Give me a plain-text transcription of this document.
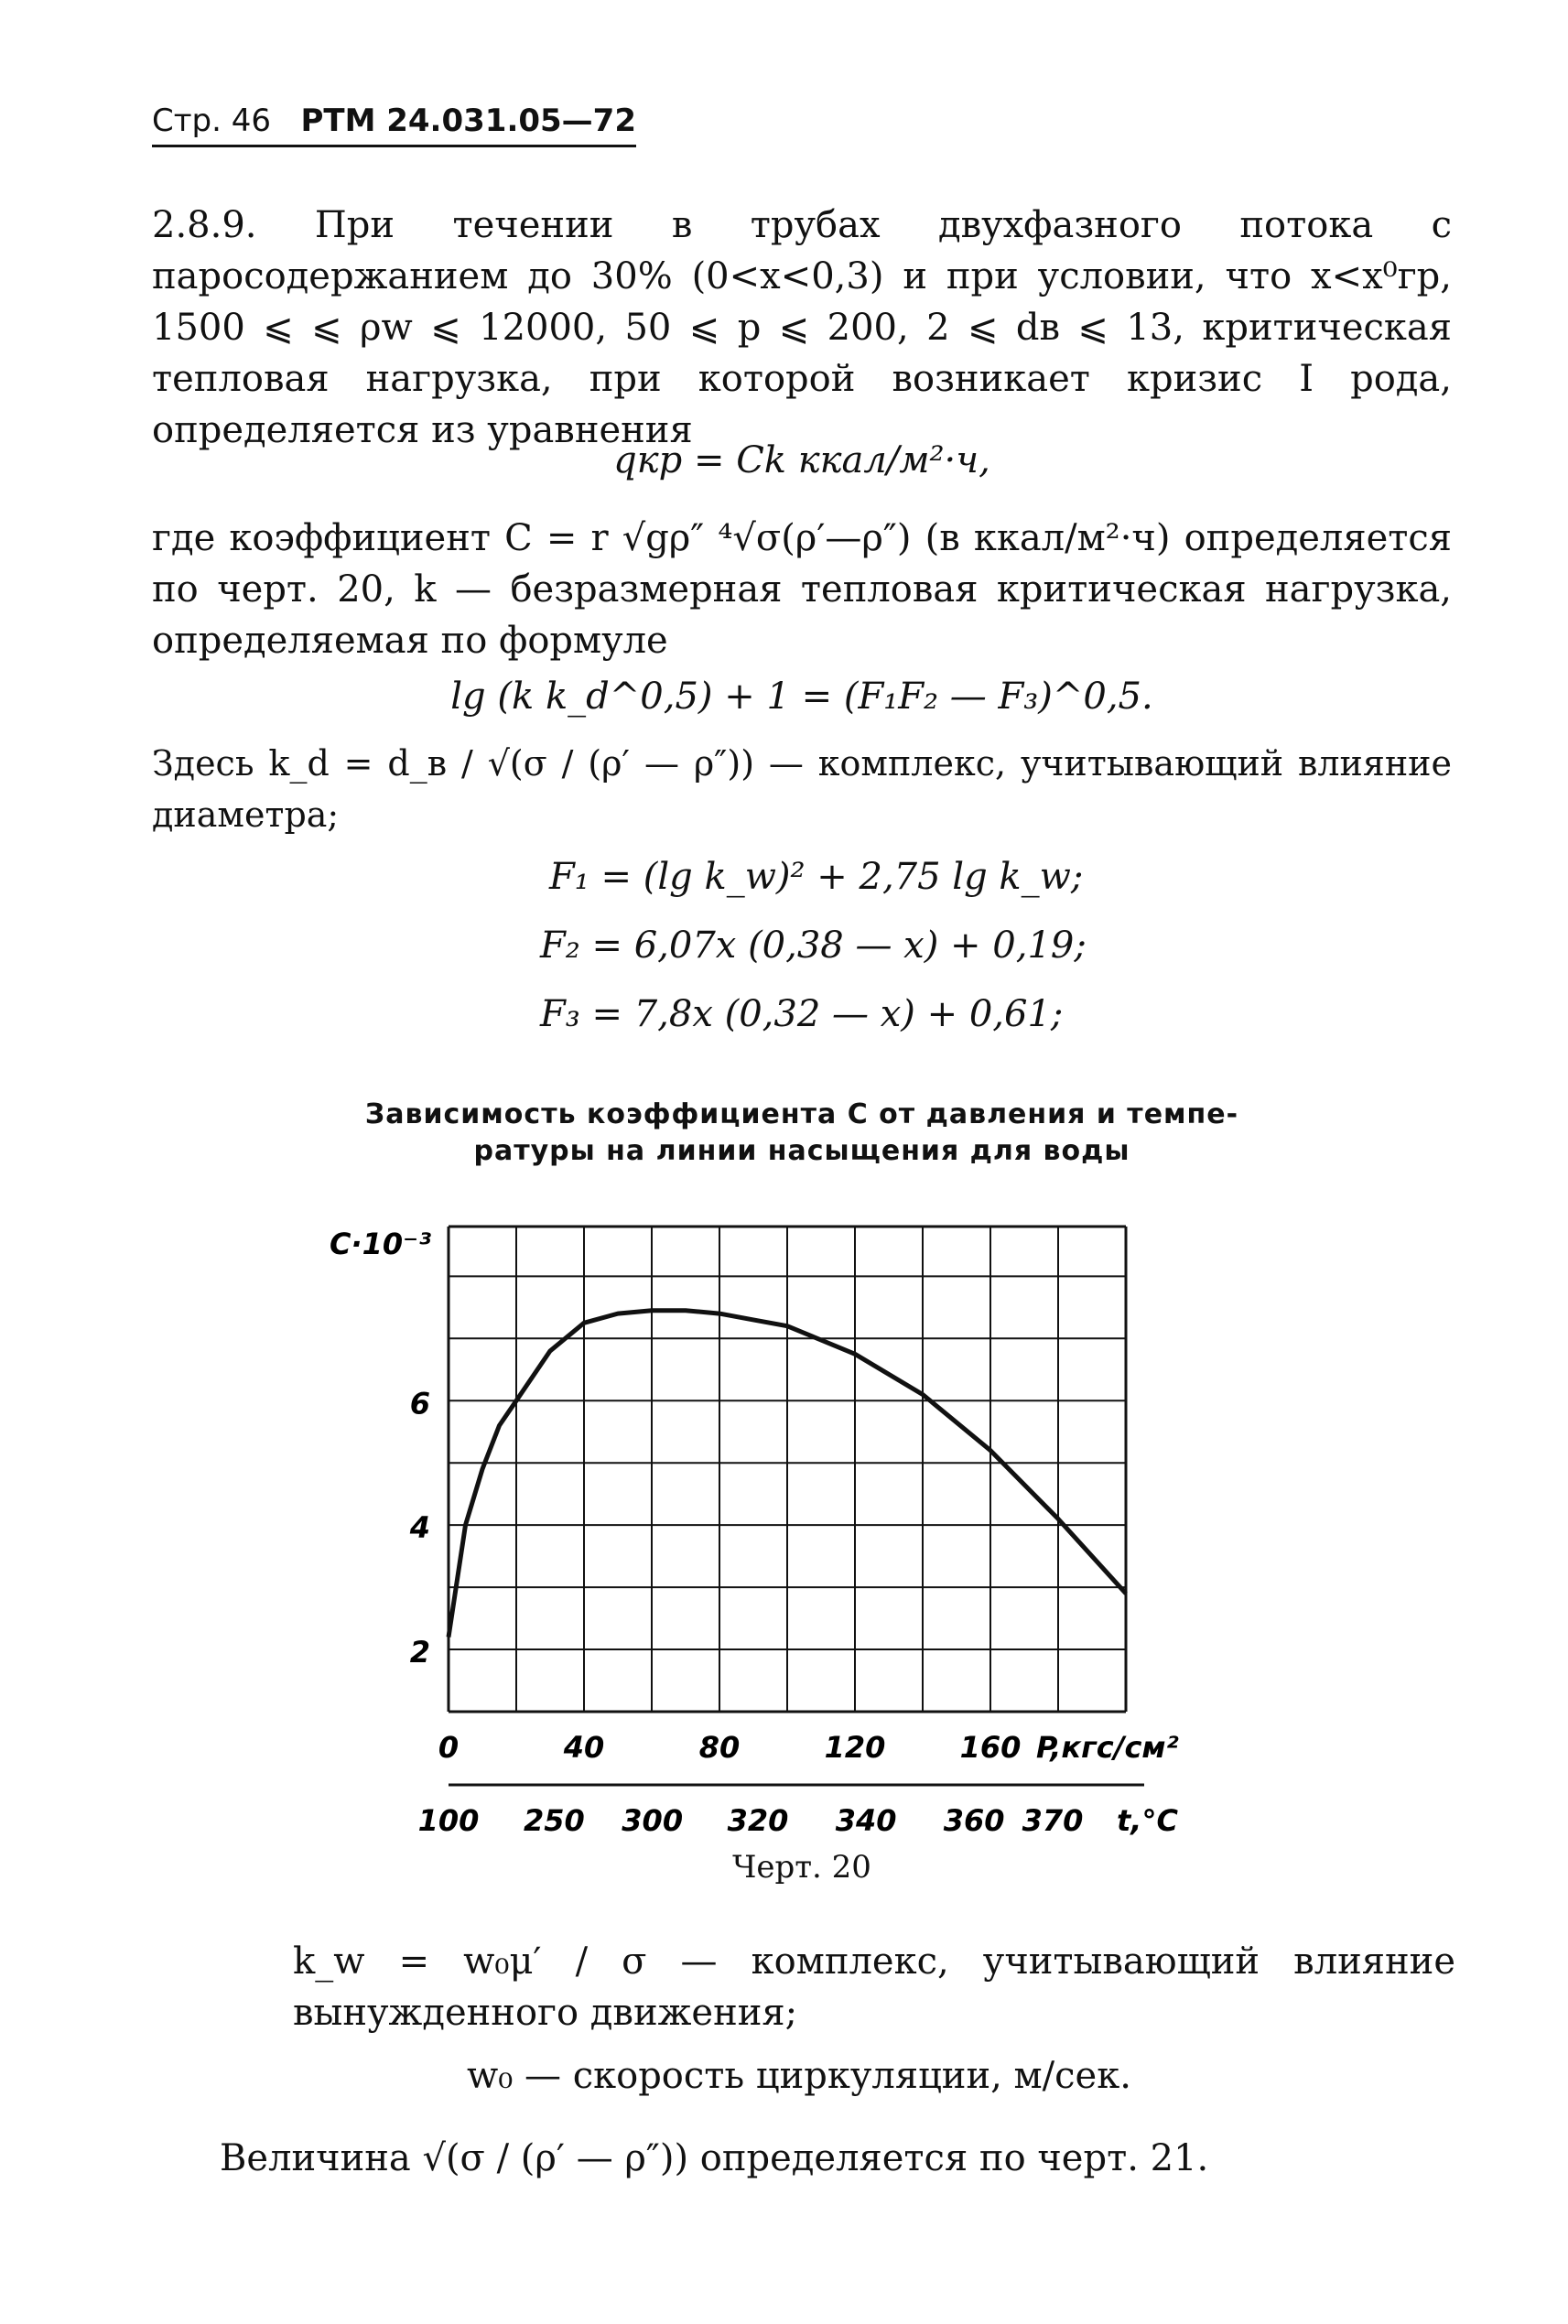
Стр. 46 РТМ 24.031.05—72
2.8.9. При течении в трубах двухфазного потока с паросодержанием до 30% (0<x<0,3) и при условии, что x<x⁰гр, 1500 ⩽ ⩽ ρw ⩽ 12000, 50 ⩽ p ⩽ 200, 2 ⩽ dв ⩽ 13, критическая тепловая нагрузка, при которой возникает кризис I рода, определяется из уравнения
qкр = Ck ккал/м²·ч,
где коэффициент C = r √gρ″ ⁴√σ(ρ′—ρ″) (в ккал/м²·ч) определяется по черт. 20, k — безразмерная тепловая критическая нагрузка, определяемая по формуле
lg (k k_d^0,5) + 1 = (F₁F₂ — F₃)^0,5.
Здесь k_d = d_в / √(σ / (ρ′ — ρ″)) — комплекс, учитывающий влияние диаметра;
F₁ = (lg k_w)² + 2,75 lg k_w;
F₂ = 6,07x (0,38 — x) + 0,19;
F₃ = 7,8x (0,32 — x) + 0,61;
Зависимость коэффициента C от давления и темпе-
ратуры на линии насыщения для воды
2
4
6
C·10⁻³
0	40	80	120	160 P,кгс/см²
100 250 300 320 340 360 370 t,°C
Черт. 20
k_w = w₀μ′ / σ — комплекс, учитывающий влияние вынужденного движения;
w₀ — скорость циркуляции, м/сек.
Величина √(σ / (ρ′ — ρ″)) определяется по черт. 21.
